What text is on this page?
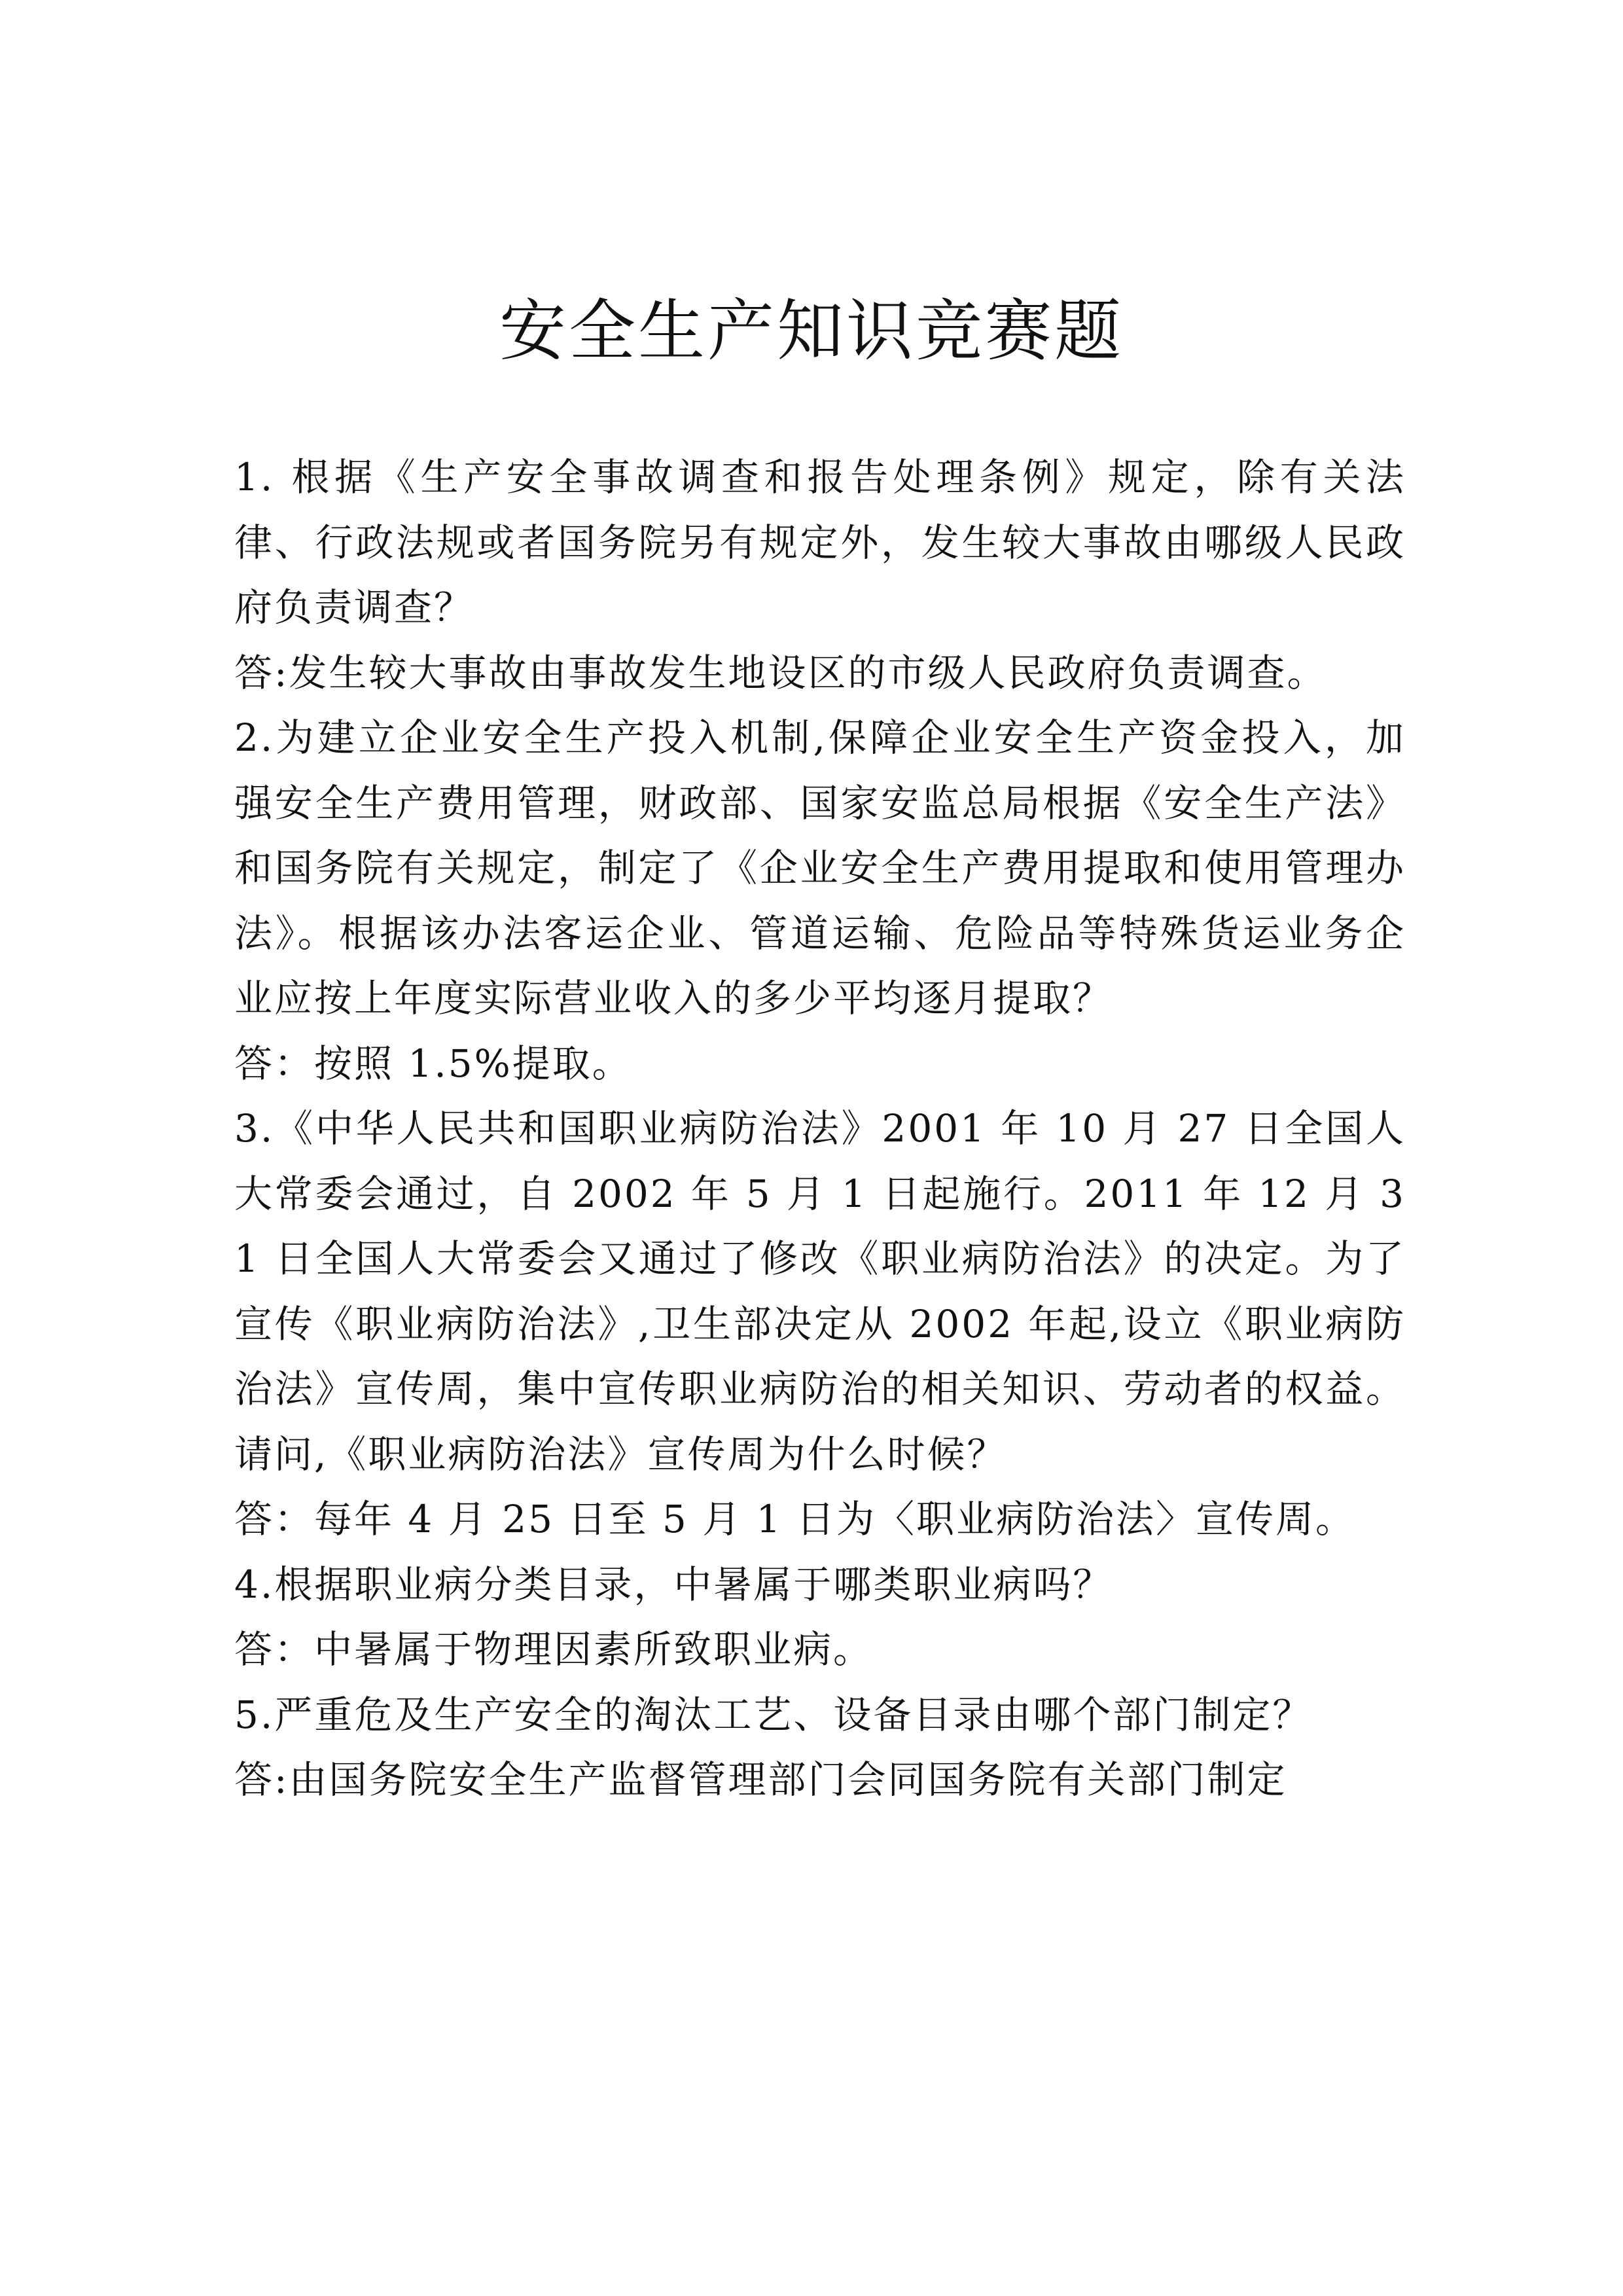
安全生产知识竞赛题

1. 根据《生产安全事故调查和报告处理条例》规定，除有关法律、行政法规或者国务院另有规定外，发生较大事故由哪级人民政府负责调查？

答:发生较大事故由事故发生地设区的市级人民政府负责调查。

2.为建立企业安全生产投入机制,保障企业安全生产资金投入，加强安全生产费用管理，财政部、国家安监总局根据《安全生产法》和国务院有关规定，制定了《企业安全生产费用提取和使用管理办法》。根据该办法客运企业、管道运输、危险品等特殊货运业务企业应按上年度实际营业收入的多少平均逐月提取？

答：按照 1.5%提取。

3.《中华人民共和国职业病防治法》2001 年 10 月 27 日全国人大常委会通过，自 2002 年 5 月 1 日起施行。2011 年 12 月 31 日全国人大常委会又通过了修改《职业病防治法》的决定。为了宣传《职业病防治法》,卫生部决定从 2002 年起,设立《职业病防治法》宣传周，集中宣传职业病防治的相关知识、劳动者的权益。请问,《职业病防治法》宣传周为什么时候？

答：每年 4 月 25 日至 5 月 1 日为〈职业病防治法〉宣传周。

4.根据职业病分类目录，中暑属于哪类职业病吗？

答：中暑属于物理因素所致职业病。

5.严重危及生产安全的淘汰工艺、设备目录由哪个部门制定？

答:由国务院安全生产监督管理部门会同国务院有关部门制定
